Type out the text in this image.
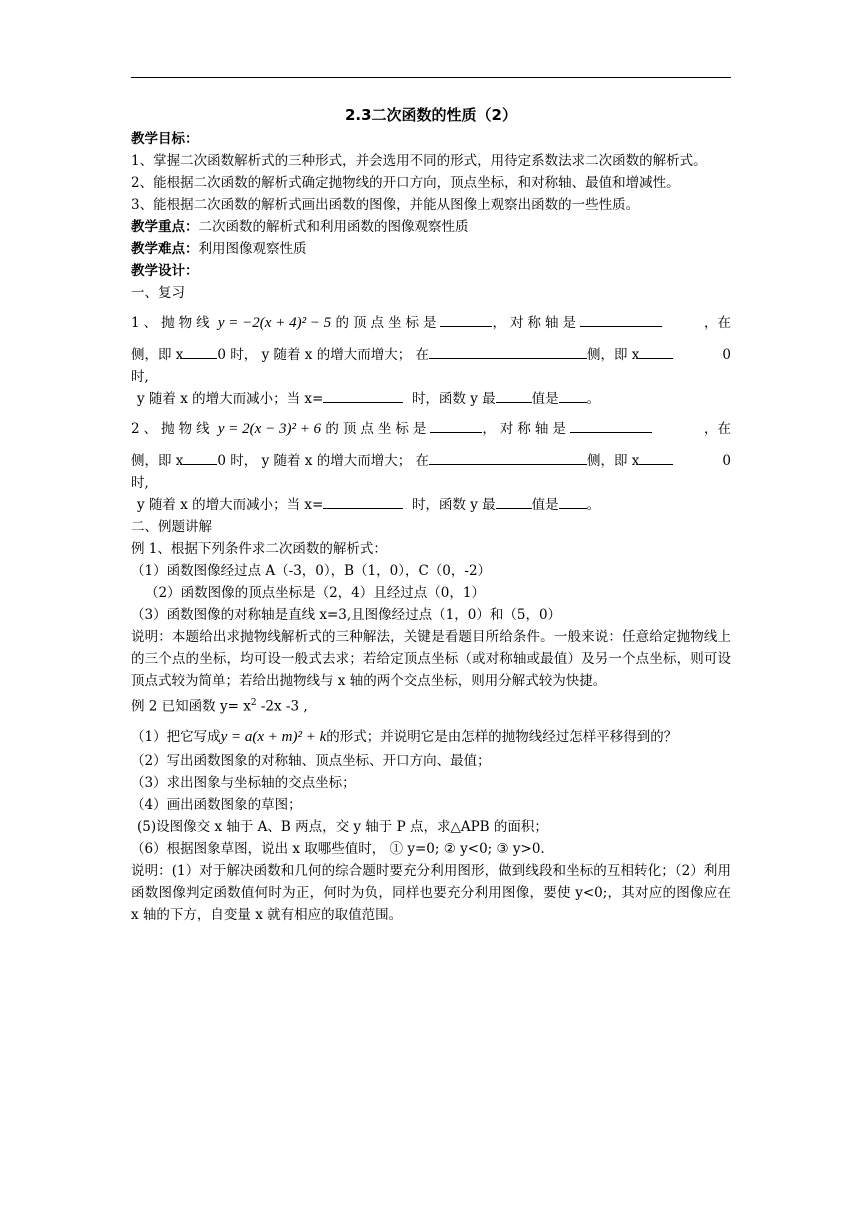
2.3二次函数的性质（2）

教学目标：

1、掌握二次函数解析式的三种形式，并会选用不同的形式，用待定系数法求二次函数的解析式。

2、能根据二次函数的解析式确定抛物线的开口方向，顶点坐标，和对称轴、最值和增减性。

3、能根据二次函数的解析式画出函数的图像，并能从图像上观察出函数的一些性质。

教学重点：二次函数的解析式和利用函数的图像观察性质

教学难点：利用图像观察性质

教学设计：

一、复习

1、抛物线 y = −2(x + 4)² − 5 的顶点坐标是	，对称轴是	，在
侧，即 x	0 时， y 随着 x 的增大而增大； 在	侧，即 x	0

时,

y 随着 x 的增大而减小；当 x=	时，函数 y 最	值是 。

2、抛物线 y = 2(x − 3)² + 6 的顶点坐标是	，对称轴是	，在
侧，即 x	0 时， y 随着 x 的增大而增大； 在	侧，即 x	0

时,

y 随着 x 的增大而减小；当 x=	时，函数 y 最	值是 。

二、例题讲解

例 1、根据下列条件求二次函数的解析式：

（1）函数图像经过点 A（-3，0），B（1，0），C（0，-2）

（2）函数图像的顶点坐标是（2，4）且经过点（0，1）

（3）函数图像的对称轴是直线 x=3,且图像经过点（1，0）和（5，0）

说明：本题给出求抛物线解析式的三种解法，关键是看题目所给条件。一般来说：任意给定抛物线上的三个点的坐标，均可设一般式去求；若给定顶点坐标（或对称轴或最值）及另一个点坐标，则可设顶点式较为简单；若给出抛物线与 x 轴的两个交点坐标，则用分解式较为快捷。

例 2 已知函数 $y= x^2$ -2x -3 ,

（1）把它写成y = a(x + m)² + k的形式；并说明它是由怎样的抛物线经过怎样平移得到的？

（2）写出函数图象的对称轴、顶点坐标、开口方向、最值；

（3）求出图象与坐标轴的交点坐标；

（4）画出函数图象的草图；

(5)设图像交 x 轴于 A、B 两点，交 y 轴于 P 点，求△APB 的面积；

（6）根据图象草图，说出 x 取哪些值时， ① y=0; ② y<0; ③ y>0.

说明：(1）对于解决函数和几何的综合题时要充分利用图形，做到线段和坐标的互相转化；（2）利用函数图像判定函数值何时为正，何时为负，同样也要充分利用图像，要使 y<0;，其对应的图像应在 x 轴的下方，自变量 x 就有相应的取值范围。
